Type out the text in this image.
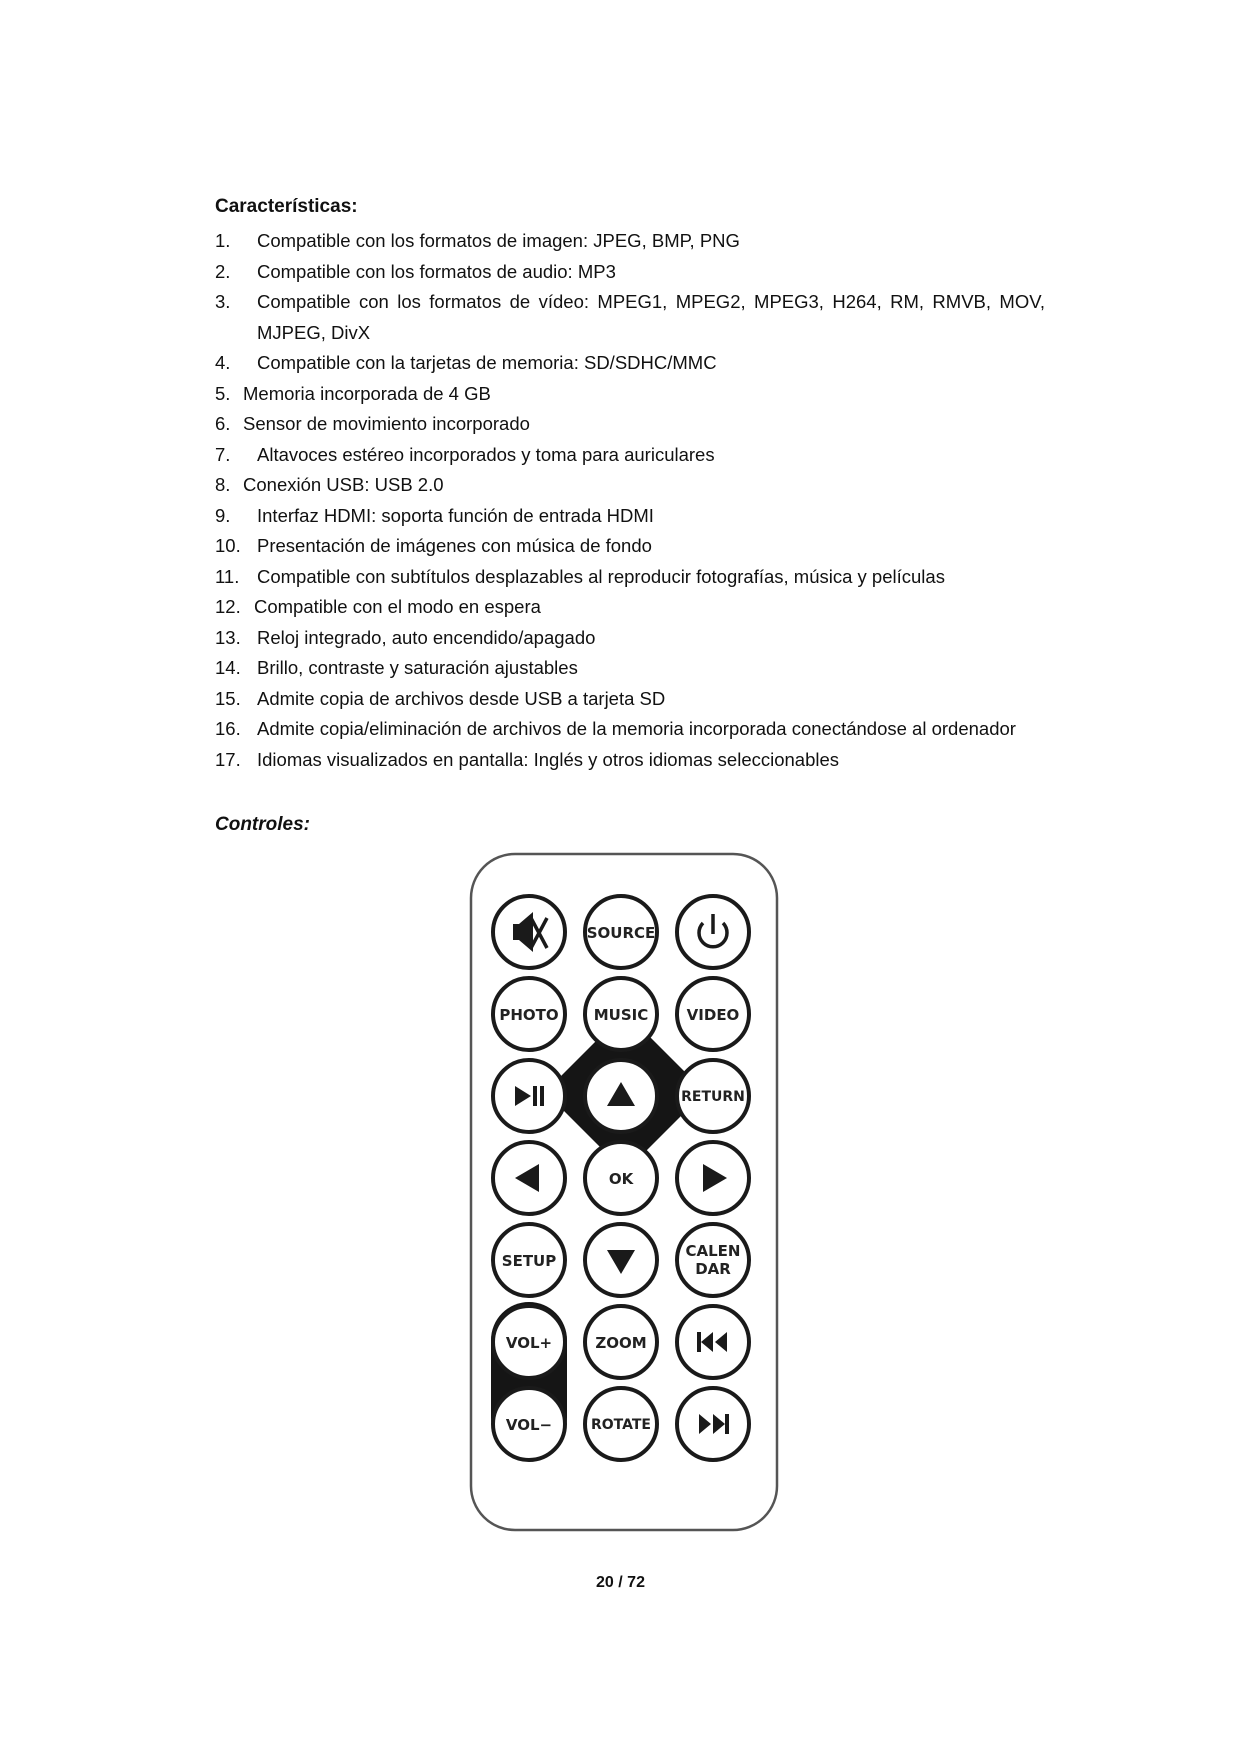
Características:

1. Compatible con los formatos de imagen: JPEG, BMP, PNG
2. Compatible con los formatos de audio: MP3
3. Compatible con los formatos de vídeo: MPEG1, MPEG2, MPEG3, H264, RM, RMVB, MOV,
MJPEG, DivX
4. Compatible con la tarjetas de memoria: SD/SDHC/MMC
5. Memoria incorporada de 4 GB
6. Sensor de movimiento incorporado
7. Altavoces estéreo incorporados y toma para auriculares
8. Conexión USB: USB 2.0
9. Interfaz HDMI: soporta función de entrada HDMI
10. Presentación de imágenes con música de fondo
11. Compatible con subtítulos desplazables al reproducir fotografías, música y películas
12. Compatible con el modo en espera
13. Reloj integrado, auto encendido/apagado
14. Brillo, contraste y saturación ajustables
15. Admite copia de archivos desde USB a tarjeta SD
16. Admite copia/eliminación de archivos de la memoria incorporada conectándose al ordenador
17. Idiomas visualizados en pantalla: Inglés y otros idiomas seleccionables

Controles:

SOURCE
PHOTO MUSIC	VIDEO
RETURN
OK
SETUP
CALEN
DAR
VOL+	ZOOM
VOL−	ROTATE

20 / 72
